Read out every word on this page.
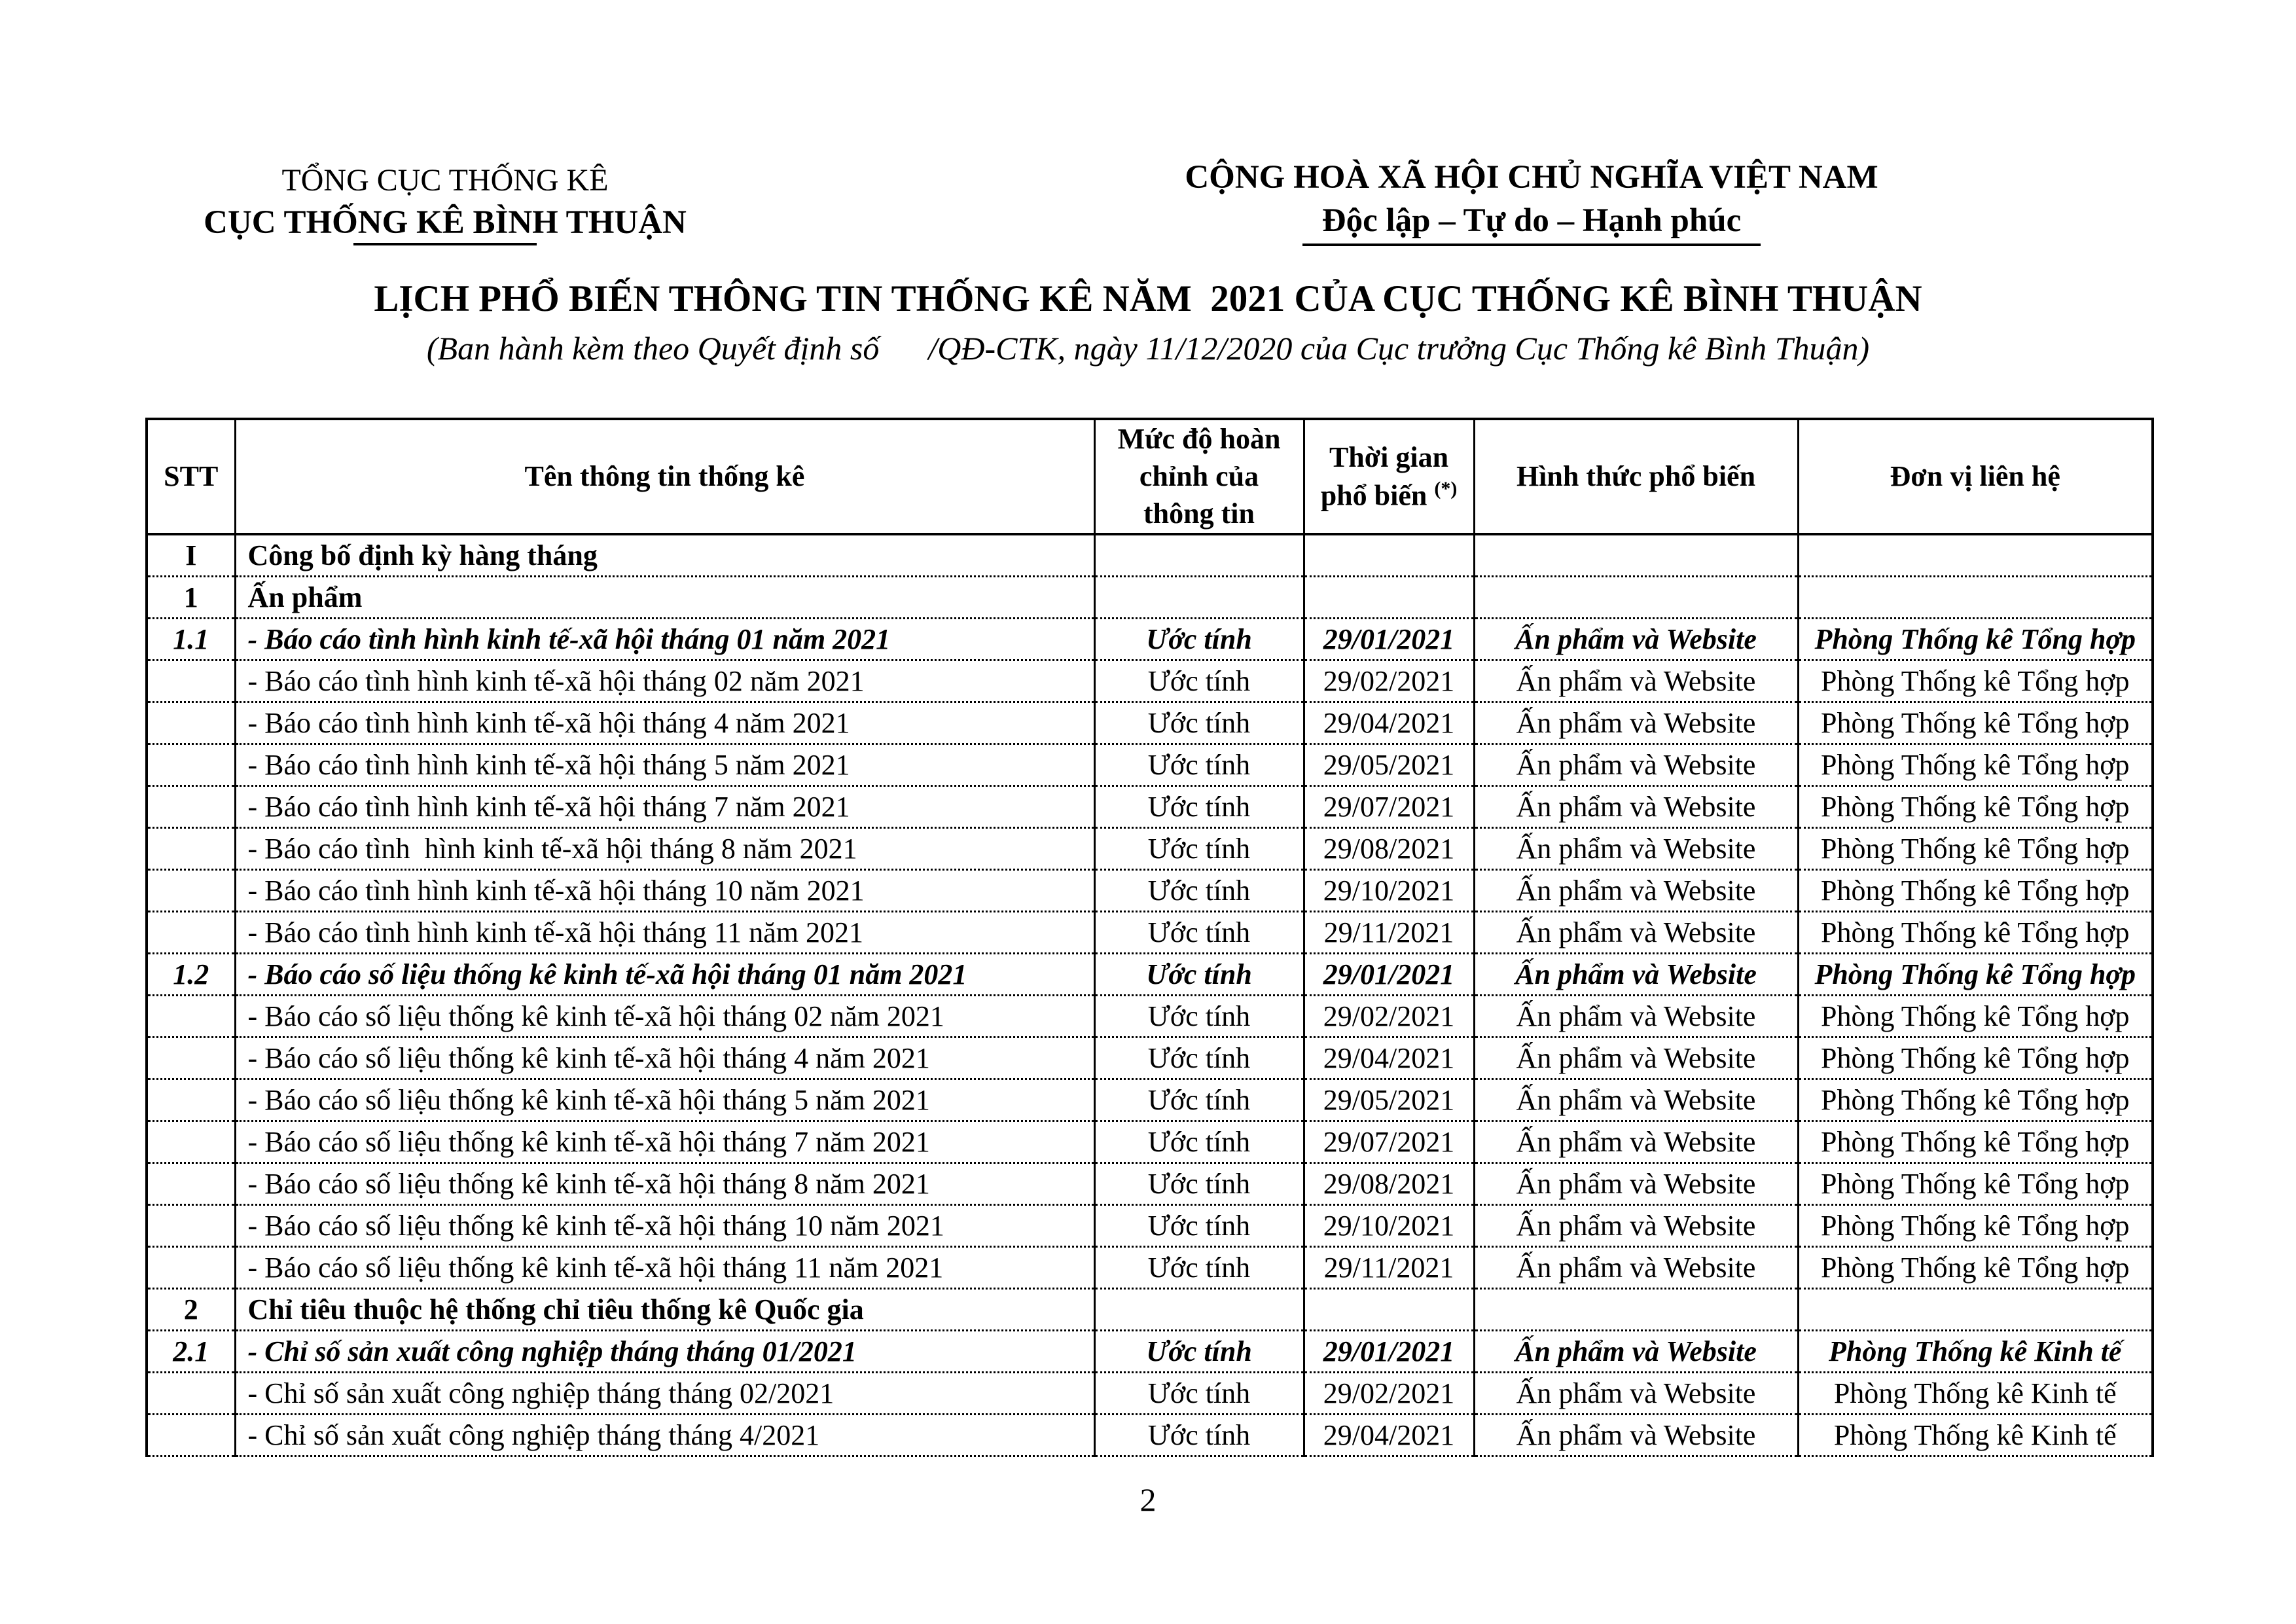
TỔNG CỤC THỐNG KÊ
CỤC THỐNG KÊ BÌNH THUẬN
CỘNG HOÀ XÃ HỘI CHỦ NGHĨA VIỆT NAM
Độc lập – Tự do – Hạnh phúc
LỊCH PHỔ BIẾN THÔNG TIN THỐNG KÊ NĂM  2021 CỦA CỤC THỐNG KÊ BÌNH THUẬN
(Ban hành kèm theo Quyết định số      /QĐ-CTK, ngày 11/12/2020 của Cục trưởng Cục Thống kê Bình Thuận)
STT	Tên thông tin thống kê	Mức độ hoàn chỉnh của thông tin	Thời gian phổ biến (*)	Hình thức phổ biến	Đơn vị liên hệ
I	Công bố định kỳ hàng tháng				
1	Ấn phẩm				
1.1	- Báo cáo tình hình kinh tế-xã hội tháng 01 năm 2021	Ước tính	29/01/2021	Ấn phẩm và Website	Phòng Thống kê Tổng hợp
	- Báo cáo tình hình kinh tế-xã hội tháng 02 năm 2021	Ước tính	29/02/2021	Ấn phẩm và Website	Phòng Thống kê Tổng hợp
	- Báo cáo tình hình kinh tế-xã hội tháng 4 năm 2021	Ước tính	29/04/2021	Ấn phẩm và Website	Phòng Thống kê Tổng hợp
	- Báo cáo tình hình kinh tế-xã hội tháng 5 năm 2021	Ước tính	29/05/2021	Ấn phẩm và Website	Phòng Thống kê Tổng hợp
	- Báo cáo tình hình kinh tế-xã hội tháng 7 năm 2021	Ước tính	29/07/2021	Ấn phẩm và Website	Phòng Thống kê Tổng hợp
	- Báo cáo tình  hình kinh tế-xã hội tháng 8 năm 2021	Ước tính	29/08/2021	Ấn phẩm và Website	Phòng Thống kê Tổng hợp
	- Báo cáo tình hình kinh tế-xã hội tháng 10 năm 2021	Ước tính	29/10/2021	Ấn phẩm và Website	Phòng Thống kê Tổng hợp
	- Báo cáo tình hình kinh tế-xã hội tháng 11 năm 2021	Ước tính	29/11/2021	Ấn phẩm và Website	Phòng Thống kê Tổng hợp
1.2	- Báo cáo số liệu thống kê kinh tế-xã hội tháng 01 năm 2021	Ước tính	29/01/2021	Ấn phẩm và Website	Phòng Thống kê Tổng hợp
	- Báo cáo số liệu thống kê kinh tế-xã hội tháng 02 năm 2021	Ước tính	29/02/2021	Ấn phẩm và Website	Phòng Thống kê Tổng hợp
	- Báo cáo số liệu thống kê kinh tế-xã hội tháng 4 năm 2021	Ước tính	29/04/2021	Ấn phẩm và Website	Phòng Thống kê Tổng hợp
	- Báo cáo số liệu thống kê kinh tế-xã hội tháng 5 năm 2021	Ước tính	29/05/2021	Ấn phẩm và Website	Phòng Thống kê Tổng hợp
	- Báo cáo số liệu thống kê kinh tế-xã hội tháng 7 năm 2021	Ước tính	29/07/2021	Ấn phẩm và Website	Phòng Thống kê Tổng hợp
	- Báo cáo số liệu thống kê kinh tế-xã hội tháng 8 năm 2021	Ước tính	29/08/2021	Ấn phẩm và Website	Phòng Thống kê Tổng hợp
	- Báo cáo số liệu thống kê kinh tế-xã hội tháng 10 năm 2021	Ước tính	29/10/2021	Ấn phẩm và Website	Phòng Thống kê Tổng hợp
	- Báo cáo số liệu thống kê kinh tế-xã hội tháng 11 năm 2021	Ước tính	29/11/2021	Ấn phẩm và Website	Phòng Thống kê Tổng hợp
2	Chỉ tiêu thuộc hệ thống chỉ tiêu thống kê Quốc gia				
2.1	- Chỉ số sản xuất công nghiệp tháng tháng 01/2021	Ước tính	29/01/2021	Ấn phẩm và Website	Phòng Thống kê Kinh tế
	- Chỉ số sản xuất công nghiệp tháng tháng 02/2021	Ước tính	29/02/2021	Ấn phẩm và Website	Phòng Thống kê Kinh tế
	- Chỉ số sản xuất công nghiệp tháng tháng 4/2021	Ước tính	29/04/2021	Ấn phẩm và Website	Phòng Thống kê Kinh tế
2
